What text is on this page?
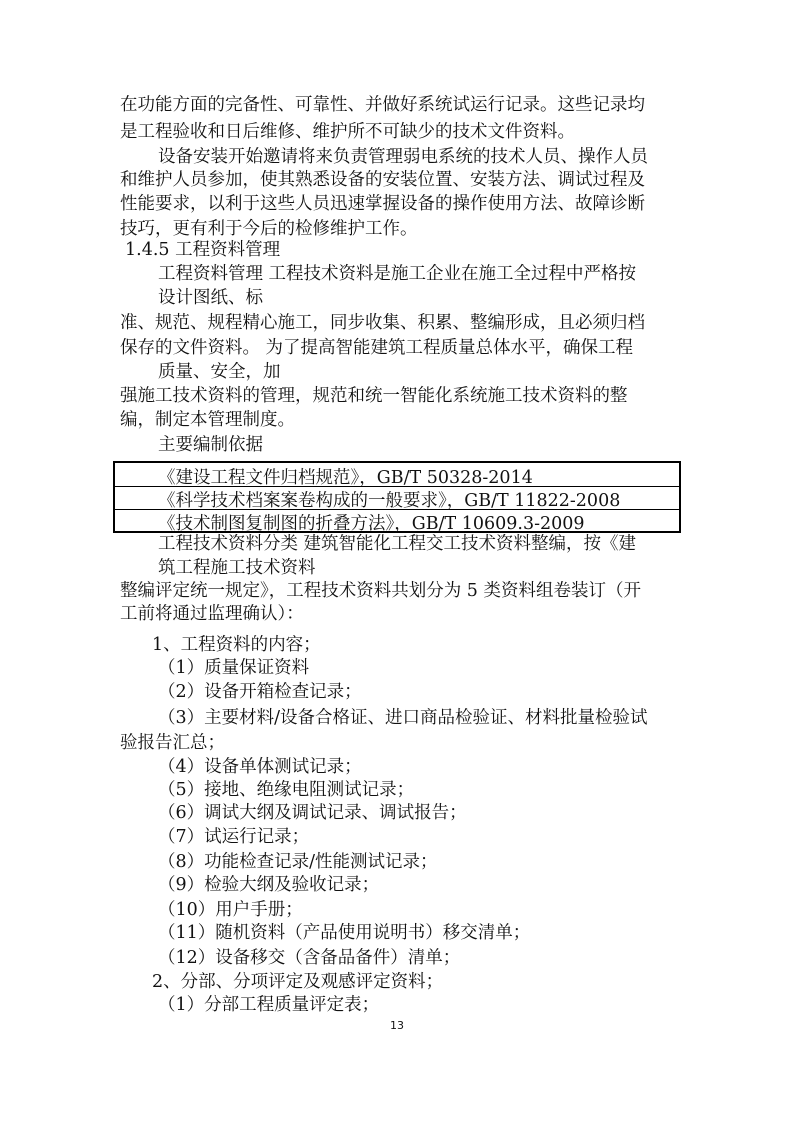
在功能方面的完备性、可靠性、并做好系统试运行记录。这些记录均
是工程验收和日后维修、维护所不可缺少的技术文件资料。
设备安装开始邀请将来负责管理弱电系统的技术人员、操作人员
和维护人员参加，使其熟悉设备的安装位置、安装方法、调试过程及
性能要求，以利于这些人员迅速掌握设备的操作使用方法、故障诊断
技巧，更有利于今后的检修维护工作。
1.4.5 工程资料管理
工程资料管理 工程技术资料是施工企业在施工全过程中严格按
设计图纸、标
准、规范、规程精心施工，同步收集、积累、整编形成，且必须归档
保存的文件资料。 为了提高智能建筑工程质量总体水平，确保工程
质量、安全，加
强施工技术资料的管理，规范和统一智能化系统施工技术资料的整
编，制定本管理制度。
主要编制依据
工程技术资料分类 建筑智能化工程交工技术资料整编，按《建
筑工程施工技术资料
整编评定统一规定》，工程技术资料共划分为 5 类资料组卷装订（开
工前将通过监理确认）：
1、工程资料的内容；
（1）质量保证资料
（2）设备开箱检查记录；
（3）主要材料/设备合格证、进口商品检验证、材料批量检验试
验报告汇总；
（4）设备单体测试记录；
（5）接地、绝缘电阻测试记录；
（6）调试大纲及调试记录、调试报告；
（7）试运行记录；
（8）功能检查记录/性能测试记录；
（9）检验大纲及验收记录；
（10）用户手册；
（11）随机资料（产品使用说明书）移交清单；
（12）设备移交（含备品备件）清单；
2、分部、分项评定及观感评定资料；
（1）分部工程质量评定表；
《建设工程文件归档规范》，GB/T 50328-2014
《科学技术档案案卷构成的一般要求》，GB/T 11822-2008
《技术制图复制图的折叠方法》，GB/T 10609.3-2009
13
